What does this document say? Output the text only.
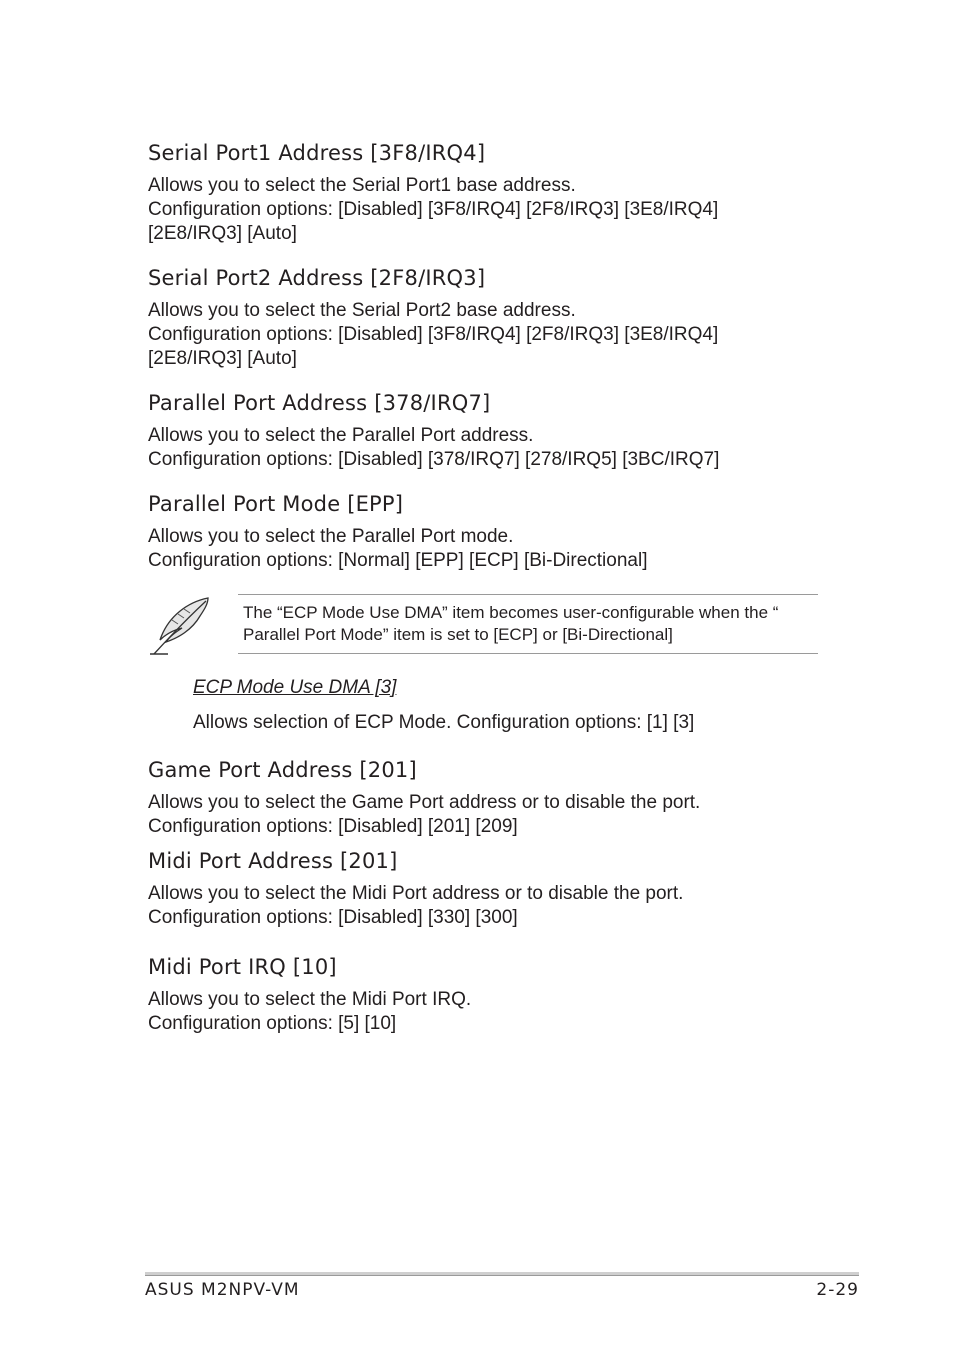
Serial Port1 Address [3F8/IRQ4]

Allows you to select the Serial Port1 base address.
Configuration options: [Disabled] [3F8/IRQ4] [2F8/IRQ3] [3E8/IRQ4]
[2E8/IRQ3] [Auto]

Serial Port2 Address [2F8/IRQ3]

Allows you to select the Serial Port2 base address.
Configuration options: [Disabled] [3F8/IRQ4] [2F8/IRQ3] [3E8/IRQ4]
[2E8/IRQ3] [Auto]

Parallel Port Address [378/IRQ7]

Allows you to select the Parallel Port address.
Configuration options: [Disabled] [378/IRQ7] [278/IRQ5] [3BC/IRQ7]

Parallel Port Mode [EPP]

Allows you to select the Parallel Port mode.
Configuration options: [Normal] [EPP] [ECP] [Bi-Directional]

The “ECP Mode Use DMA” item becomes user-configurable when the “ Parallel Port Mode” item is set to [ECP] or [Bi-Directional]

ECP Mode Use DMA [3]

Allows selection of ECP Mode. Configuration options: [1] [3]

Game Port Address [201]

Allows you to select the Game Port address or to disable the port.
Configuration options: [Disabled] [201] [209]

Midi Port Address [201]

Allows you to select the Midi Port address or to disable the port.
Configuration options: [Disabled] [330] [300]

Midi Port IRQ [10]

Allows you to select the Midi Port IRQ.
Configuration options: [5] [10]

ASUS M2NPV-VM	2-29
